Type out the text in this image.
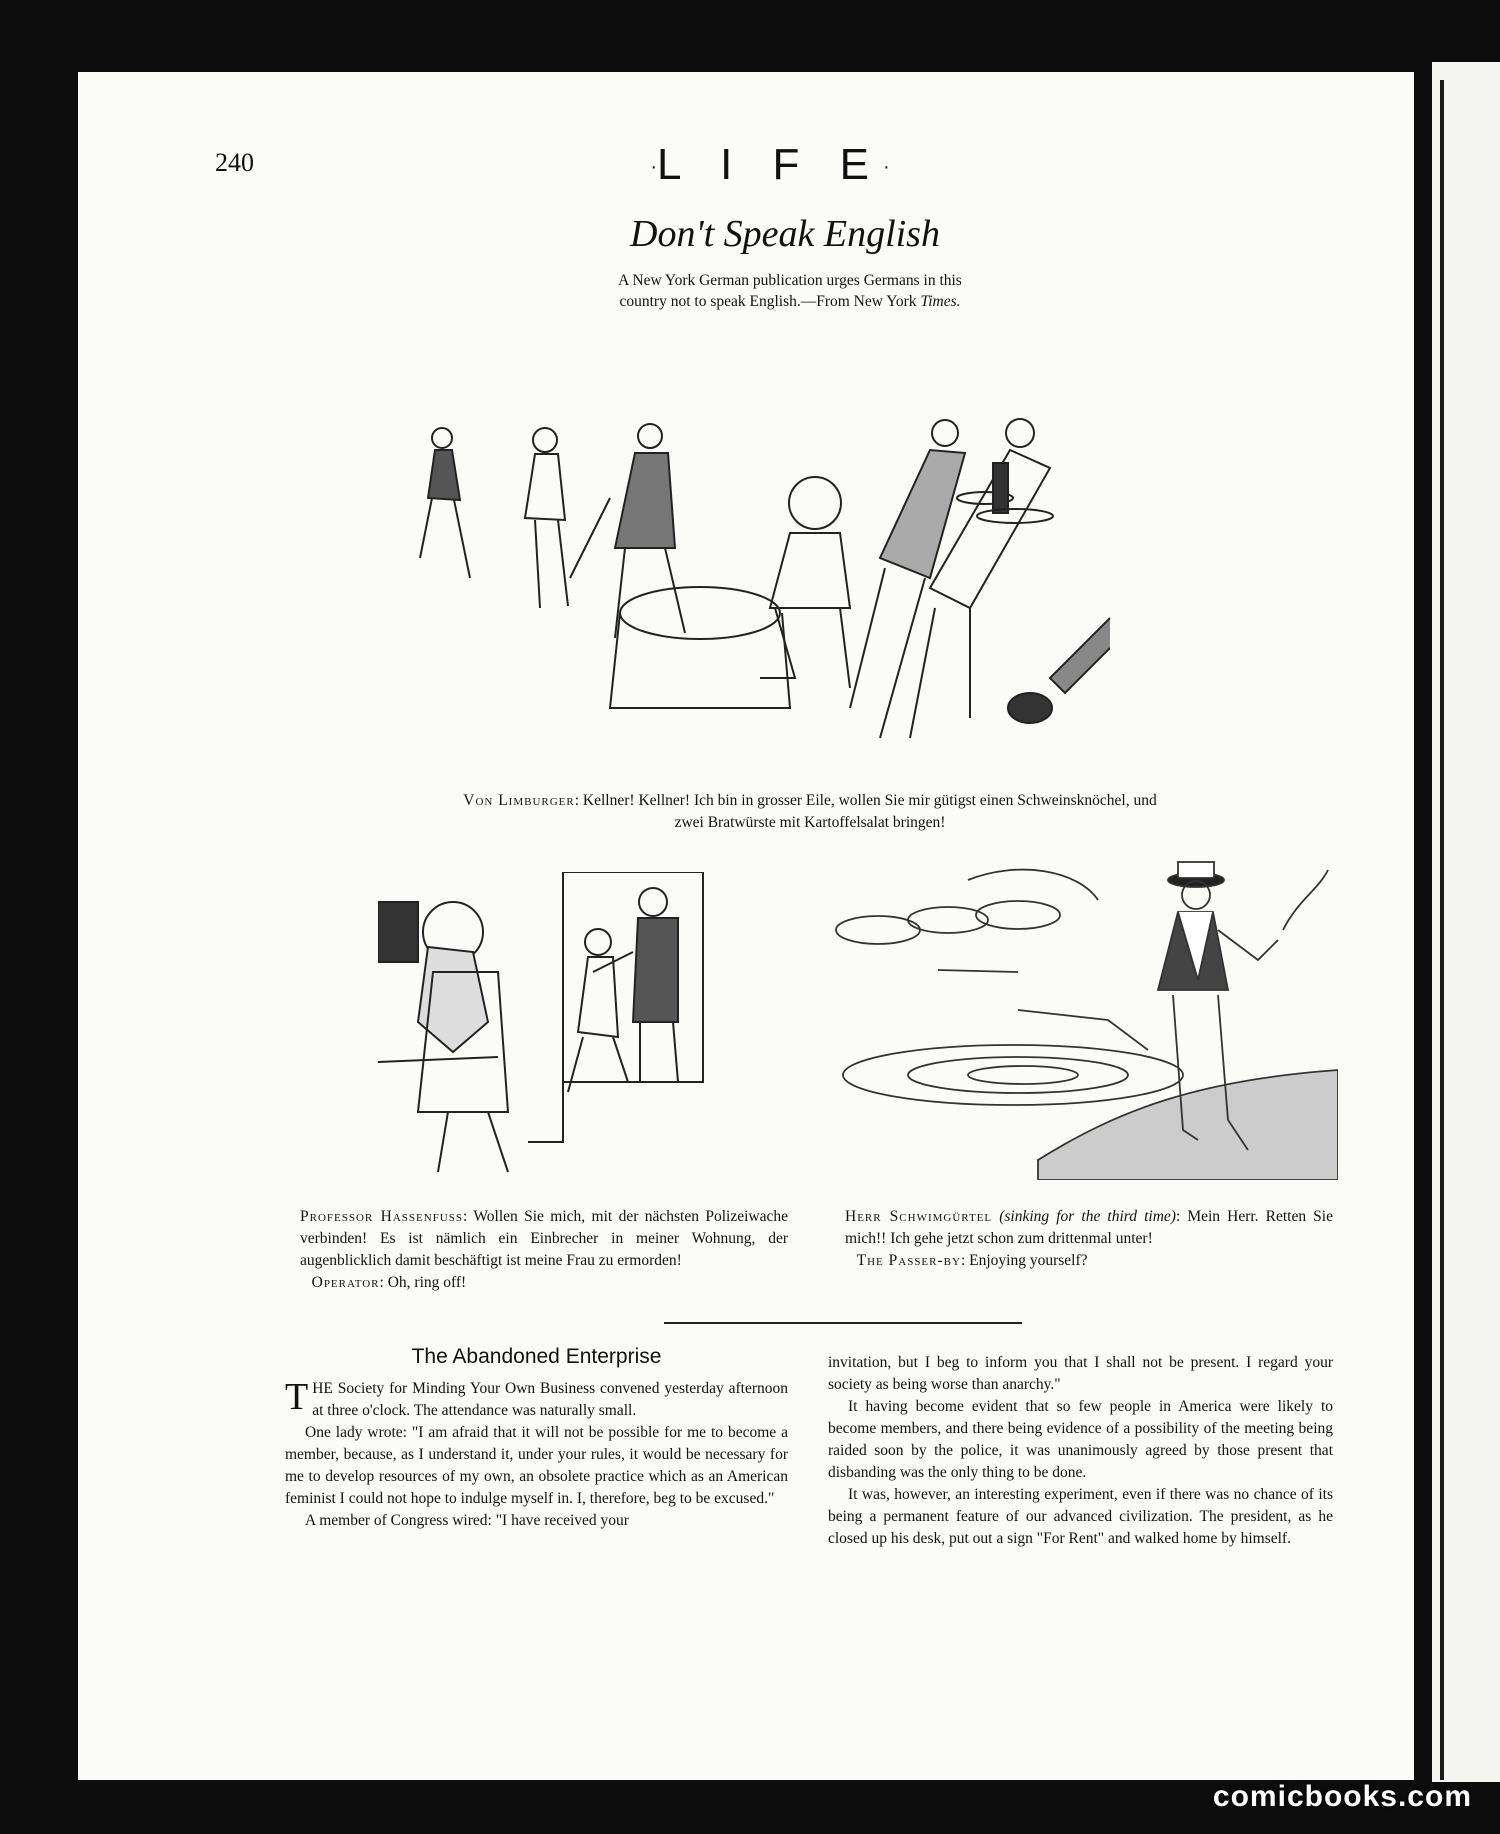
240	·L I F E·
Don't Speak English
A New York German publication urges Germans in this
country not to speak English.—From New York Times.
Von Limburger: Kellner! Kellner! Ich bin in grosser Eile, wollen Sie mir gütigst einen Schweinsknöchel, und zwei Bratwürste mit Kartoffelsalat bringen!

Professor Hassenfuss: Wollen Sie mich, mit der nächsten Polizeiwache verbinden! Es ist nämlich ein Einbrecher in meiner Wohnung, der augenblicklich damit beschäftigt ist meine Frau zu ermorden!

Operator: Oh, ring off!

Herr Schwimgürtel (sinking for the third time): Mein Herr. Retten Sie mich!! Ich gehe jetzt schon zum drittenmal unter!

The Passer-by: Enjoying yourself?

The Abandoned Enterprise

THE Society for Minding Your Own Business convened yesterday afternoon at three o'clock. The attendance was naturally small.

One lady wrote: "I am afraid that it will not be possible for me to become a member, because, as I understand it, under your rules, it would be necessary for me to develop resources of my own, an obsolete practice which as an American feminist I could not hope to indulge myself in. I, therefore, beg to be excused."

A member of Congress wired: "I have received your

invitation, but I beg to inform you that I shall not be present. I regard your society as being worse than anarchy."

It having become evident that so few people in America were likely to become members, and there being evidence of a possibility of the meeting being raided soon by the police, it was unanimously agreed by those present that disbanding was the only thing to be done.

It was, however, an interesting experiment, even if there was no chance of its being a permanent feature of our advanced civilization. The president, as he closed up his desk, put out a sign "For Rent" and walked home by himself.

comicbooks.com
